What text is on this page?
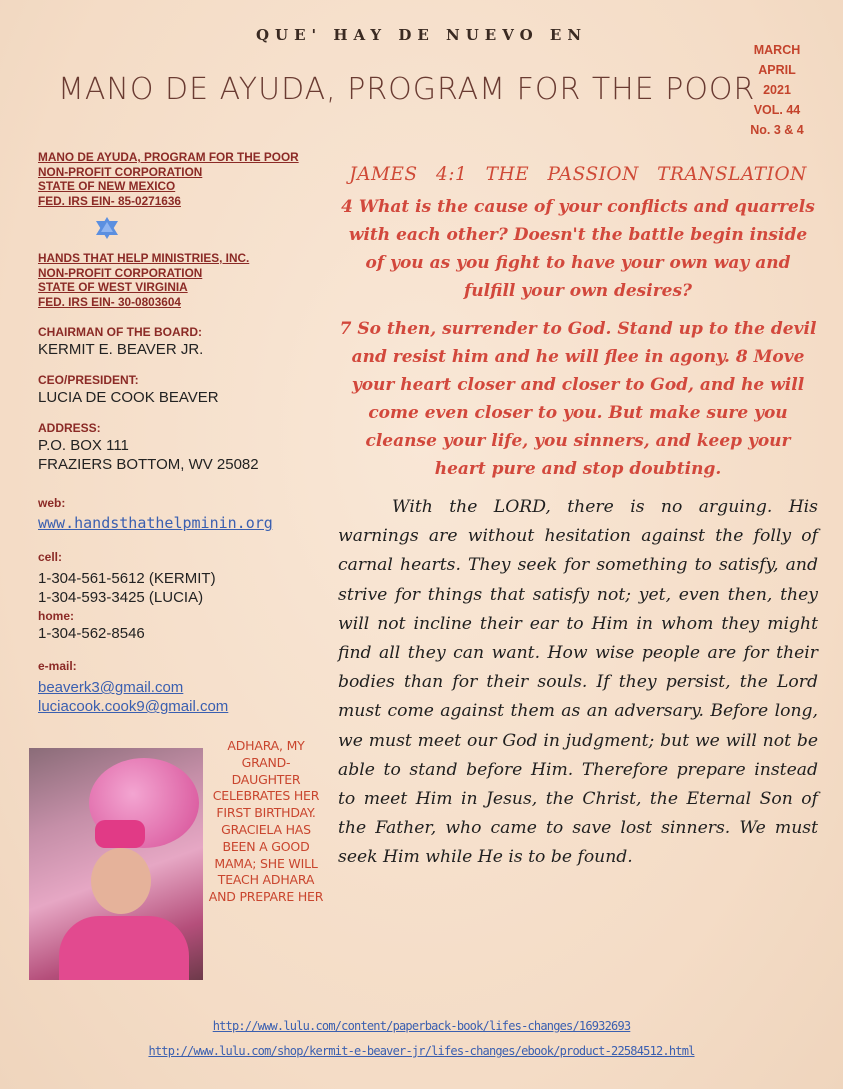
QUE' HAY DE NUEVO EN
MANO DE AYUDA, PROGRAM FOR THE POOR
MARCH
APRIL
2021
VOL. 44
No. 3 & 4
MANO DE AYUDA, PROGRAM FOR THE POOR
NON-PROFIT CORPORATION
STATE OF NEW MEXICO
FED. IRS EIN- 85-0271636
HANDS THAT HELP MINISTRIES, INC.
NON-PROFIT CORPORATION
STATE OF WEST VIRGINIA
FED. IRS EIN- 30-0803604
CHAIRMAN OF THE BOARD:
KERMIT E. BEAVER JR.
CEO/PRESIDENT:
LUCIA DE COOK BEAVER
ADDRESS:
P.O. BOX 111
FRAZIERS BOTTOM, WV 25082
web:
www.handsthathelpminin.org
cell:
1-304-561-5612 (KERMIT)
1-304-593-3425 (LUCIA)
home:
1-304-562-8546
e-mail:
beaverk3@gmail.com
luciacook.cook9@gmail.com
ADHARA, MY GRAND-DAUGHTER CELEBRATES HER FIRST BIRTHDAY. GRACIELA HAS BEEN A GOOD MAMA; SHE WILL TEACH ADHARA AND PREPARE HER
JAMES 4:1 THE PASSION TRANSLATION
4 What is the cause of your conflicts and quarrels with each other? Doesn't the battle begin inside of you as you fight to have your own way and fulfill your own desires?
7 So then, surrender to God. Stand up to the devil and resist him and he will flee in agony. 8 Move your heart closer and closer to God, and he will come even closer to you. But make sure you cleanse your life, you sinners, and keep your heart pure and stop doubting.
With the LORD, there is no arguing. His warnings are without hesitation against the folly of carnal hearts. They seek for something to satisfy, and strive for things that satisfy not; yet, even then, they will not incline their ear to Him in whom they might find all they can want. How wise people are for their bodies than for their souls. If they persist, the Lord must come against them as an adversary. Before long, we must meet our God in judgment; but we will not be able to stand before Him. Therefore prepare instead to meet Him in Jesus, the Christ, the Eternal Son of the Father, who came to save lost sinners. We must seek Him while He is to be found.
http://www.lulu.com/content/paperback-book/lifes-changes/16932693
http://www.lulu.com/shop/kermit-e-beaver-jr/lifes-changes/ebook/product-22584512.html
